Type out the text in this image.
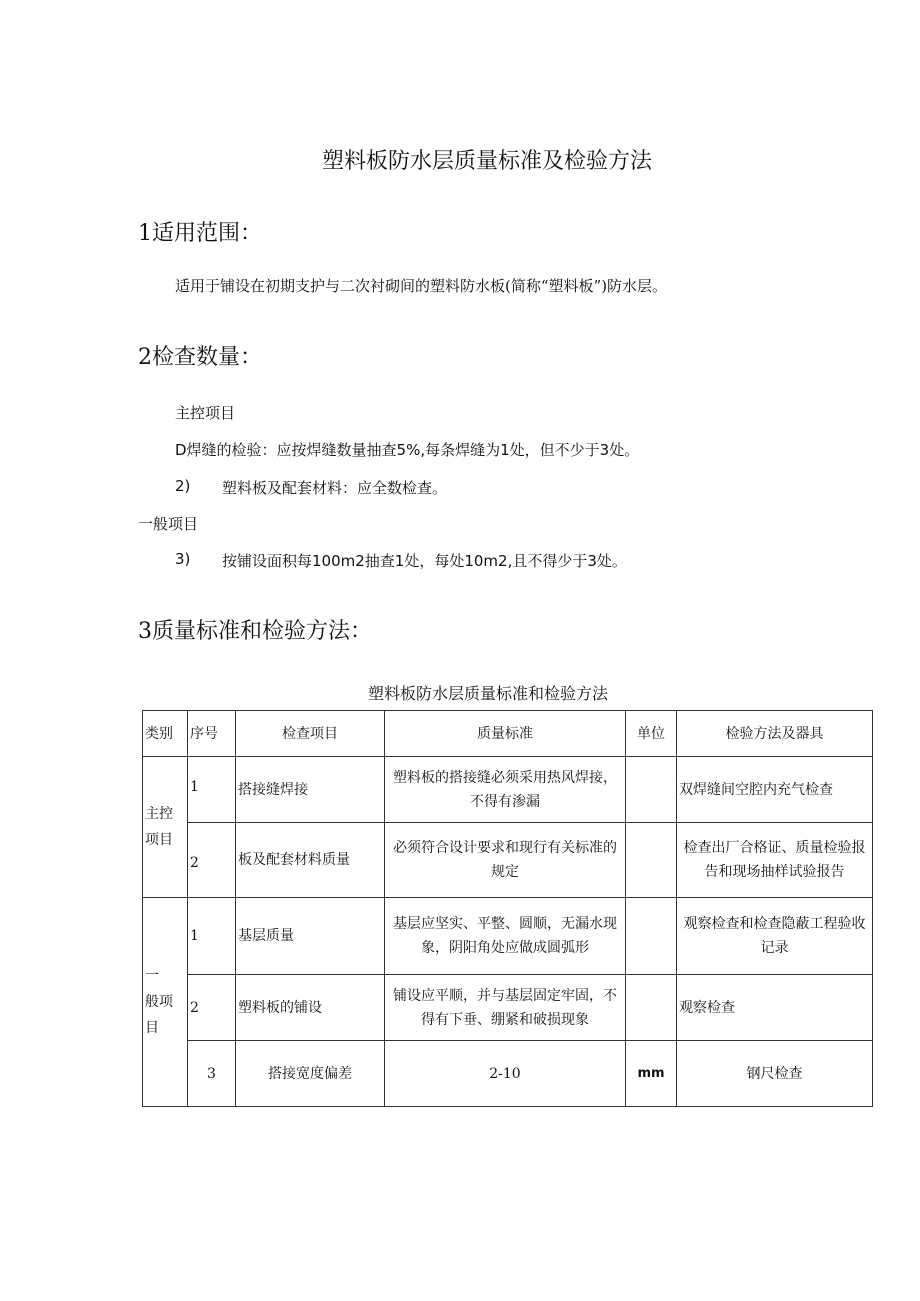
塑料板防水层质量标准及检验方法
1适用范围：
适用于铺设在初期支护与二次衬砌间的塑料防水板(简称“塑料板”)防水层。
2检查数量：
主控项目
D焊缝的检验：应按焊缝数量抽查5%,每条焊缝为1处，但不少于3处。
2) 塑料板及配套材料：应全数检查。
一般项目
3) 按铺设面积每100m2抽查1处，每处10m2,且不得少于3处。
3质量标准和检验方法：
塑料板防水层质量标准和检验方法
类别	序号	检查项目	质量标准	单位	检验方法及器具
主控项目	1	搭接缝焊接	塑料板的搭接缝必须采用热风焊接，不得有渗漏		双焊缝间空腔内充气检查
	2	板及配套材料质量	必须符合设计要求和现行有关标准的规定		检查出厂合格证、质量检验报告和现场抽样试验报告
一　般项目	1	基层质量	基层应坚实、平整、圆顺，无漏水现象，阴阳角处应做成圆弧形		观察检查和检查隐蔽工程验收记录
	2	塑料板的铺设	铺设应平顺，并与基层固定牢固，不得有下垂、绷紧和破损现象		观察检查
	3	搭接宽度偏差	2-10	mm	钢尺检查
